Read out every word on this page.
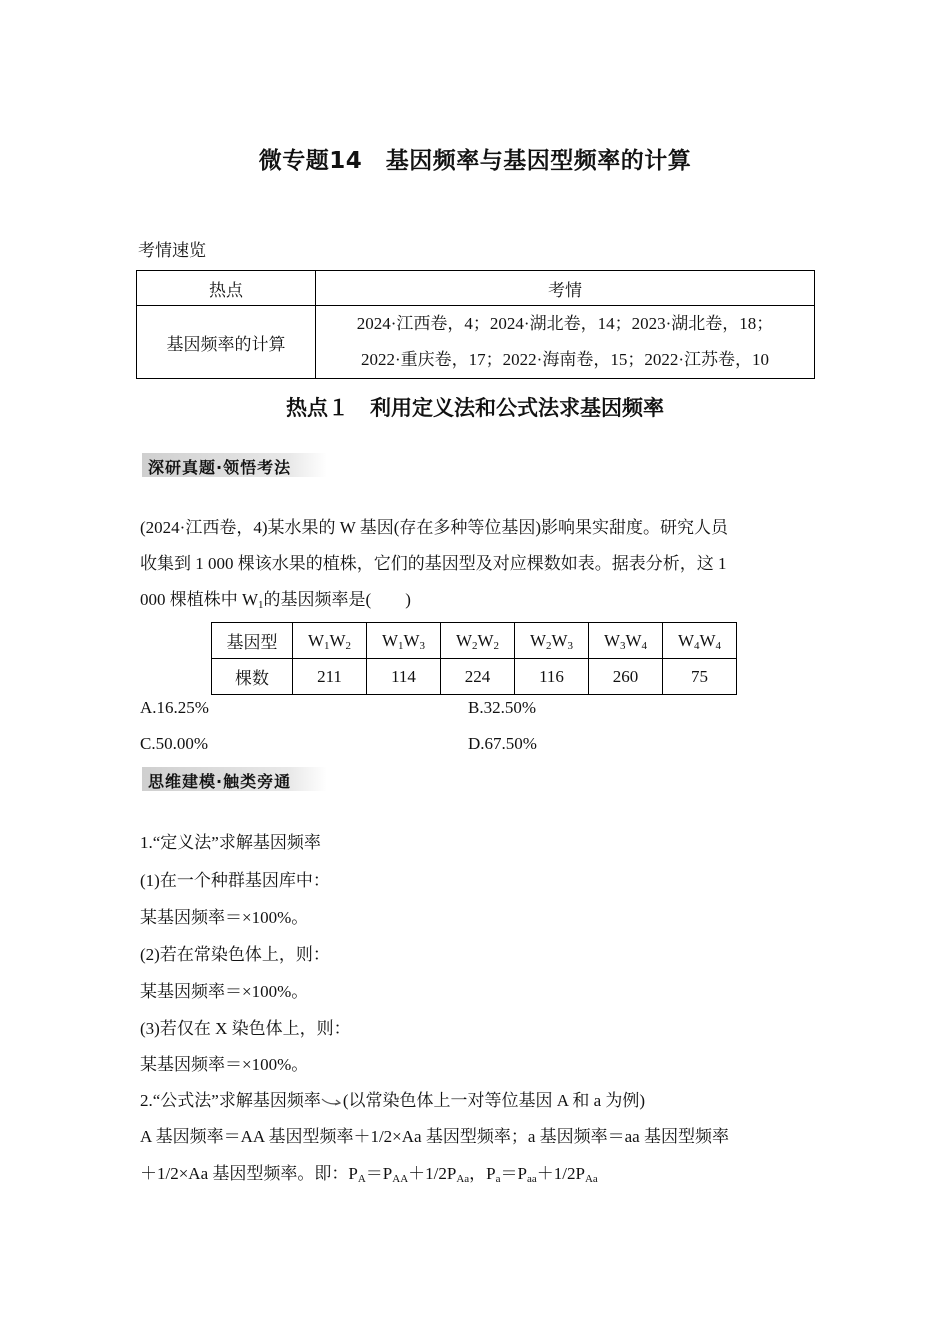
微专题14　基因频率与基因型频率的计算
考情速览
热点	考情
基因频率的计算	2024·江西卷，4；2024·湖北卷，14；2023·湖北卷，18；
2022·重庆卷，17；2022·海南卷，15；2022·江苏卷，10
热点１　利用定义法和公式法求基因频率
深研真题·领悟考法
(2024·江西卷，4)某水果的 W 基因(存在多种等位基因)影响果实甜度。研究人员
收集到 1 000 棵该水果的植株，它们的基因型及对应棵数如表。据表分析，这 1
000 棵植株中 $W_1$的基因频率是(　　)
基因型	$W_1W_2$	$W_1W_3$	$W_2W_2$	$W_2W_3$	$W_3W_4$	$W_4W_4$
棵数	211	114	224	116	260	75
A.16.25%	B.32.50%
C.50.00%	D.67.50%
思维建模·触类旁通
1.“定义法”求解基因频率
(1)在一个种群基因库中：
某基因频率＝×100%。
(2)若在常染色体上，则：
某基因频率＝×100%。
(3)若仅在 X 染色体上，则：
某基因频率＝×100%。
2.“公式法”求解基因频率 (以常染色体上一对等位基因 A 和 a 为例)
A 基因频率＝AA 基因型频率＋1/2×Aa 基因型频率；a 基因频率＝aa 基因型频率
＋1/2×Aa 基因型频率。即：$P_A=P_{AA}+1/2P_{Aa}$，$P_a=P_{aa}+1/2P_{Aa}$
